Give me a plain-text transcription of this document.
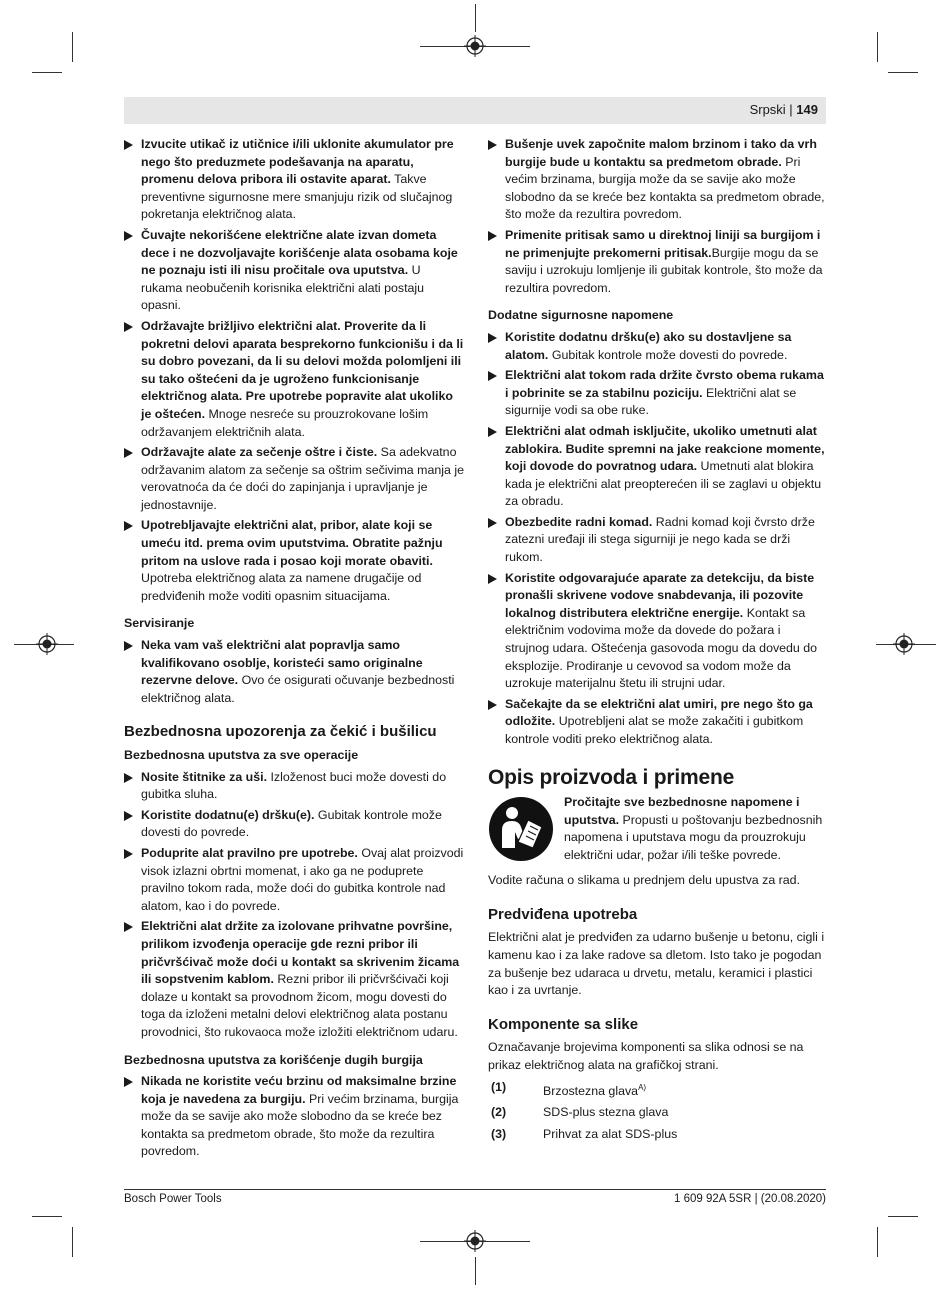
Srpski | 149
Izvucite utikač iz utičnice i/ili uklonite akumulator pre nego što preduzmete podešavanja na aparatu, promenu delova pribora ili ostavite aparat. Takve preventivne sigurnosne mere smanjuju rizik od slučajnog pokretanja električnog alata.
Čuvajte nekorišćene električne alate izvan dometa dece i ne dozvoljavajte korišćenje alata osobama koje ne poznaju isti ili nisu pročitale ova uputstva. U rukama neobučenih korisnika električni alati postaju opasni.
Održavajte brižljivo električni alat. Proverite da li pokretni delovi aparata besprekorno funkcionišu i da li su dobro povezani, da li su delovi možda polomljeni ili su tako oštećeni da je ugroženo funkcionisanje električnog alata. Pre upotrebe popravite alat ukoliko je oštećen. Mnoge nesreće su prouzrokovane lošim održavanjem električnih alata.
Održavajte alate za sečenje oštre i čiste. Sa adekvatno održavanim alatom za sečenje sa oštrim sečivima manja je verovatnoća da će doći do zapinjanja i upravljanje je jednostavnije.
Upotrebljavajte električni alat, pribor, alate koji se umeću itd. prema ovim uputstvima. Obratite pažnju pritom na uslove rada i posao koji morate obaviti. Upotreba električnog alata za namene drugačije od predviđenih može voditi opasnim situacijama.
Servisiranje
Neka vam vaš električni alat popravlja samo kvalifikovano osoblje, koristeći samo originalne rezervne delove. Ovo će osigurati očuvanje bezbednosti električnog alata.
Bezbednosna upozorenja za čekić i bušilicu
Bezbednosna uputstva za sve operacije
Nosite štitnike za uši. Izloženost buci može dovesti do gubitka sluha.
Koristite dodatnu(e) dršku(e). Gubitak kontrole može dovesti do povrede.
Poduprite alat pravilno pre upotrebe. Ovaj alat proizvodi visok izlazni obrtni momenat, i ako ga ne poduprete pravilno tokom rada, može doći do gubitka kontrole nad alatom, kao i do povrede.
Električni alat držite za izolovane prihvatne površine, prilikom izvođenja operacije gde rezni pribor ili pričvršćivač može doći u kontakt sa skrivenim žicama ili sopstvenim kablom. Rezni pribor ili pričvršćivači koji dolaze u kontakt sa provodnom žicom, mogu dovesti do toga da izloženi metalni delovi električnog alata postanu provodnici, što rukovaoca može izložiti električnom udaru.
Bezbednosna uputstva za korišćenje dugih burgija
Nikada ne koristite veću brzinu od maksimalne brzine koja je navedena za burgiju. Pri većim brzinama, burgija može da se savije ako može slobodno da se kreće bez kontakta sa predmetom obrade, što može da rezultira povredom.
Bušenje uvek započnite malom brzinom i tako da vrh burgije bude u kontaktu sa predmetom obrade. Pri većim brzinama, burgija može da se savije ako može slobodno da se kreće bez kontakta sa predmetom obrade, što može da rezultira povredom.
Primenite pritisak samo u direktnoj liniji sa burgijom i ne primenjujte prekomerni pritisak.Burgije mogu da se saviju i uzrokuju lomljenje ili gubitak kontrole, što može da rezultira povredom.
Dodatne sigurnosne napomene
Koristite dodatnu dršku(e) ako su dostavljene sa alatom. Gubitak kontrole može dovesti do povrede.
Električni alat tokom rada držite čvrsto obema rukama i pobrinite se za stabilnu poziciju. Električni alat se sigurnije vodi sa obe ruke.
Električni alat odmah isključite, ukoliko umetnuti alat zablokira. Budite spremni na jake reakcione momente, koji dovode do povratnog udara. Umetnuti alat blokira kada je električni alat preopterećen ili se zaglavi u objektu za obradu.
Obezbedite radni komad. Radni komad koji čvrsto drže zatezni uređaji ili stega sigurniji je nego kada se drži rukom.
Koristite odgovarajuće aparate za detekciju, da biste pronašli skrivene vodove snabdevanja, ili pozovite lokalnog distributera električne energije. Kontakt sa električnim vodovima može da dovede do požara i strujnog udara. Oštećenja gasovoda mogu da dovedu do eksplozije. Prodiranje u cevovod sa vodom može da uzrokuje materijalnu štetu ili strujni udar.
Sačekajte da se električni alat umiri, pre nego što ga odložite. Upotrebljeni alat se može zakačiti i gubitkom kontrole voditi preko električnog alata.
Opis proizvoda i primene
Pročitajte sve bezbednosne napomene i uputstva. Propusti u poštovanju bezbednosnih napomena i uputstava mogu da prouzrokuju električni udar, požar i/ili teške povrede.
Vodite računa o slikama u prednjem delu upustva za rad.
Predviđena upotreba
Električni alat je predviđen za udarno bušenje u betonu, cigli i kamenu kao i za lake radove sa dletom. Isto tako je pogodan za bušenje bez udaraca u drvetu, metalu, keramici i plastici kao i za uvrtanje.
Komponente sa slike
Označavanje brojevima komponenti sa slika odnosi se na prikaz električnog alata na grafičkoj strani.
(1)	Brzostezna glava$^{A)}$
(2)	SDS-plus stezna glava
(3)	Prihvat za alat SDS-plus
Bosch Power Tools	1 609 92A 5SR | (20.08.2020)
